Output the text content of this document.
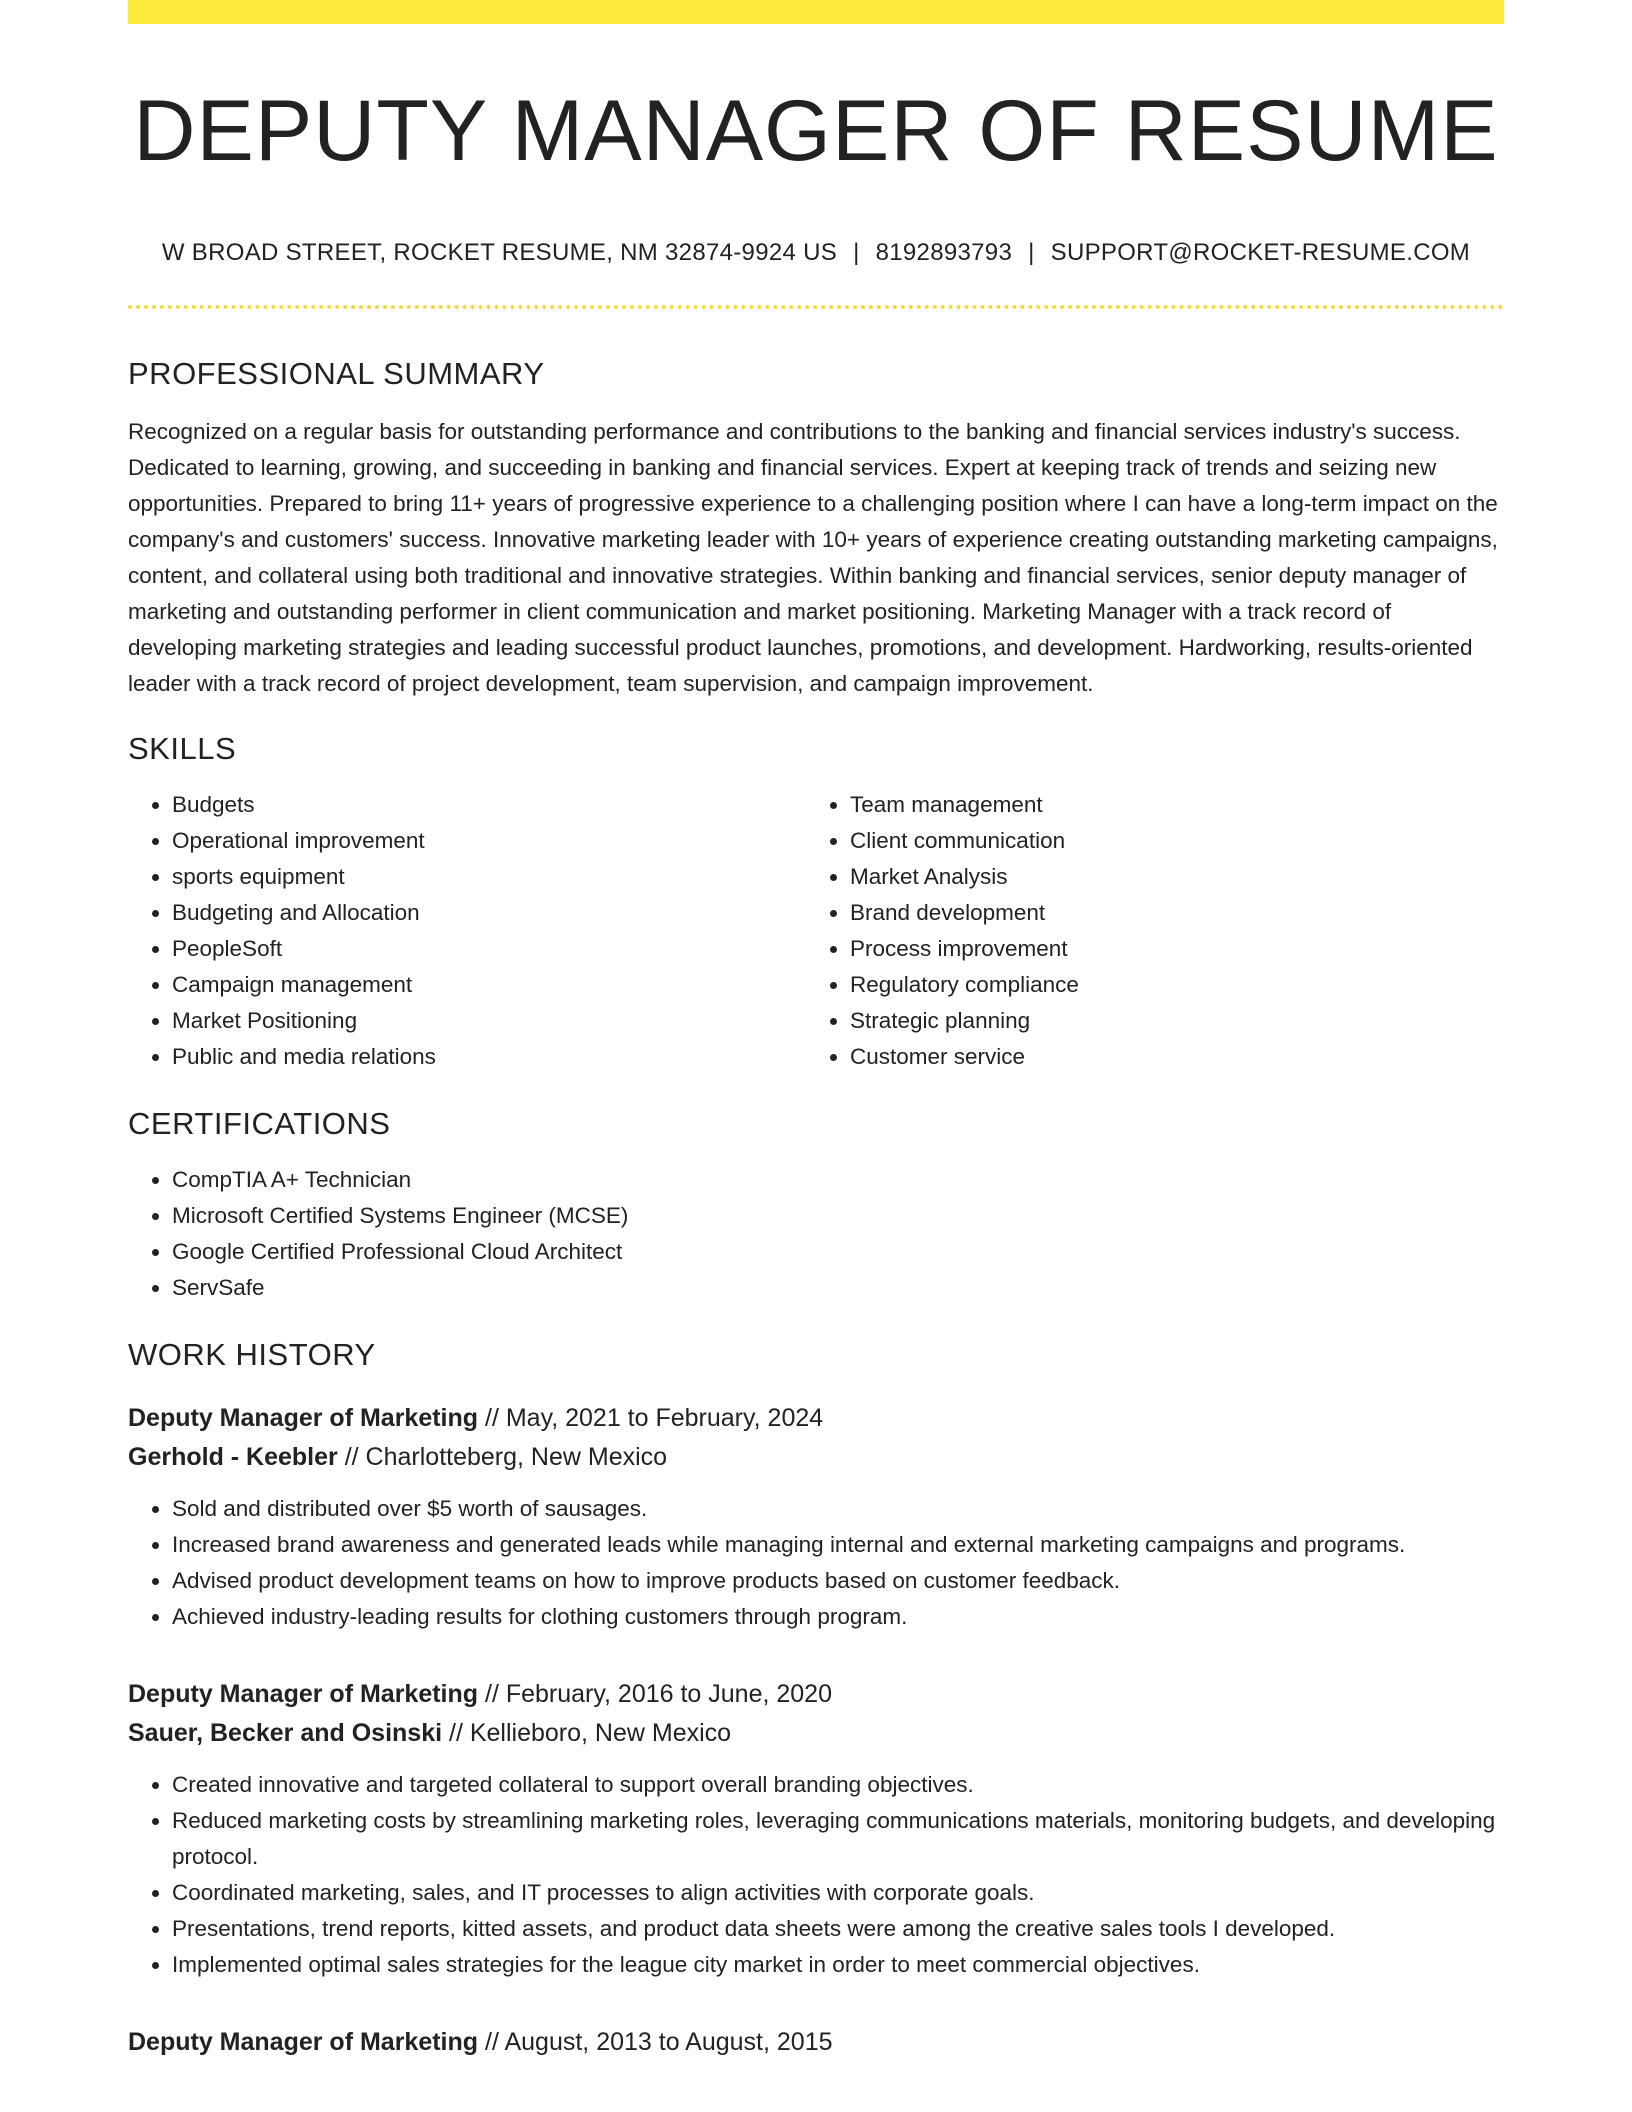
DEPUTY MANAGER OF RESUME
W BROAD STREET, ROCKET RESUME, NM 32874-9924 US | 8192893793 | SUPPORT@ROCKET-RESUME.COM
PROFESSIONAL SUMMARY

Recognized on a regular basis for outstanding performance and contributions to the banking and financial services industry's success. Dedicated to learning, growing, and succeeding in banking and financial services. Expert at keeping track of trends and seizing new opportunities. Prepared to bring 11+ years of progressive experience to a challenging position where I can have a long-term impact on the company's and customers' success. Innovative marketing leader with 10+ years of experience creating outstanding marketing campaigns, content, and collateral using both traditional and innovative strategies. Within banking and financial services, senior deputy manager of marketing and outstanding performer in client communication and market positioning. Marketing Manager with a track record of developing marketing strategies and leading successful product launches, promotions, and development. Hardworking, results-oriented leader with a track record of project development, team supervision, and campaign improvement.

SKILLS
• Budgets
• Operational improvement
• sports equipment
• Budgeting and Allocation
• PeopleSoft
• Campaign management
• Market Positioning
• Public and media relations
• Team management
• Client communication
• Market Analysis
• Brand development
• Process improvement
• Regulatory compliance
• Strategic planning
• Customer service
CERTIFICATIONS
• CompTIA A+ Technician
• Microsoft Certified Systems Engineer (MCSE)
• Google Certified Professional Cloud Architect
• ServSafe
WORK HISTORY
Deputy Manager of Marketing // May, 2021 to February, 2024
Gerhold - Keebler // Charlotteberg, New Mexico
• Sold and distributed over $5 worth of sausages.
• Increased brand awareness and generated leads while managing internal and external marketing campaigns and programs.
• Advised product development teams on how to improve products based on customer feedback.
• Achieved industry-leading results for clothing customers through program.
Deputy Manager of Marketing // February, 2016 to June, 2020
Sauer, Becker and Osinski // Kellieboro, New Mexico
• Created innovative and targeted collateral to support overall branding objectives.
• Reduced marketing costs by streamlining marketing roles, leveraging communications materials, monitoring budgets, and developing protocol.
• Coordinated marketing, sales, and IT processes to align activities with corporate goals.
• Presentations, trend reports, kitted assets, and product data sheets were among the creative sales tools I developed.
• Implemented optimal sales strategies for the league city market in order to meet commercial objectives.
Deputy Manager of Marketing // August, 2013 to August, 2015
